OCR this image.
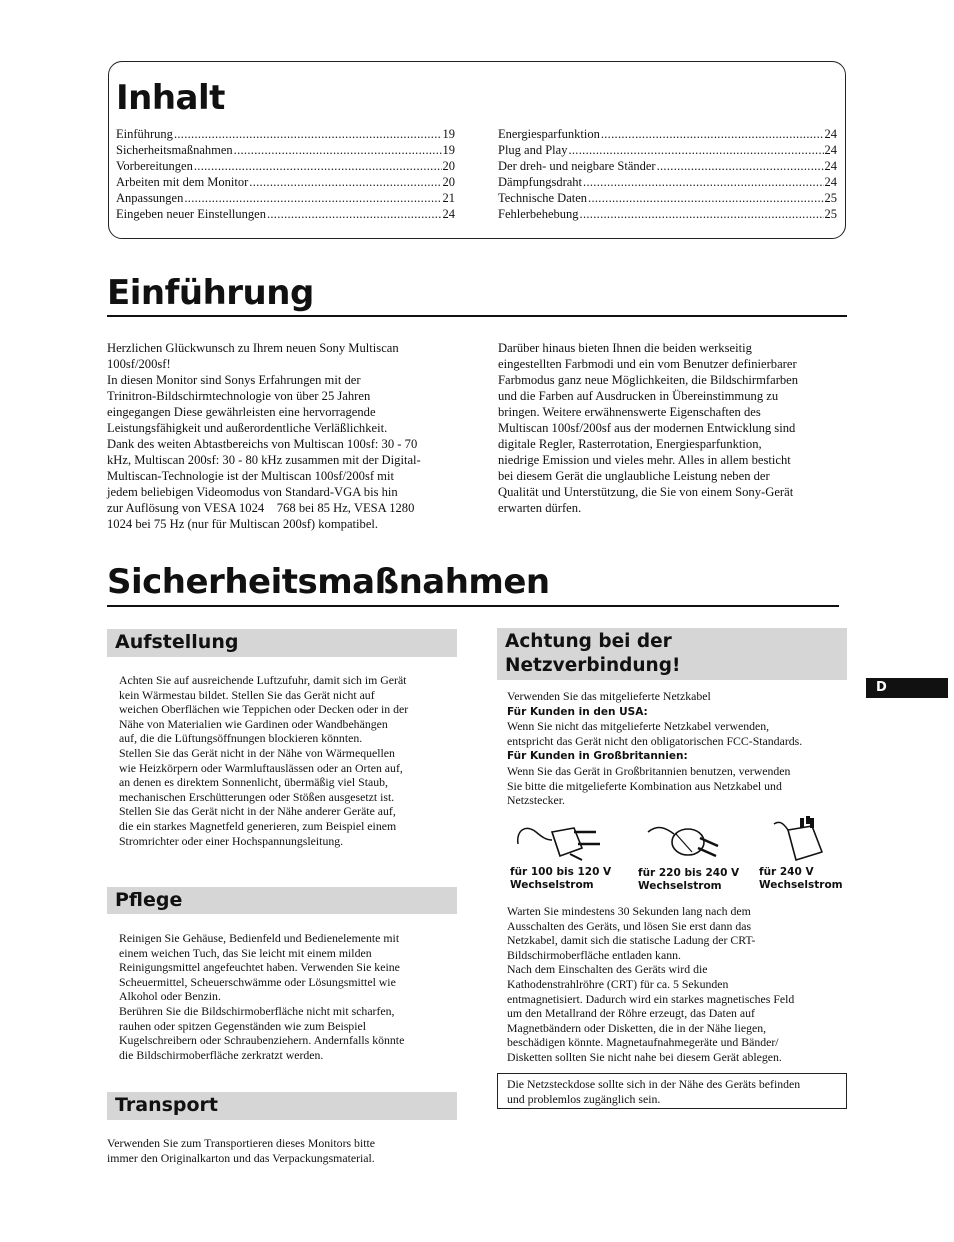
Inhalt
Einführung .....	19
Sicherheitsmaßnahmen .....	19
Vorbereitungen .....	20
Arbeiten mit dem Monitor .....	20
Anpassungen .....	21
Eingeben neuer Einstellungen .....	24
Energiesparfunktion .....	24
Plug and Play .....	24
Der dreh- und neigbare Ständer .....	24
Dämpfungsdraht .....	24
Technische Daten .....	25
Fehlerbehebung .....	25
Einführung

Herzlichen Glückwunsch zu Ihrem neuen Sony Multiscan

100sf/200sf!

In diesen Monitor sind Sonys Erfahrungen mit der

Trinitron-Bildschirmtechnologie von über 25 Jahren

eingegangen Diese gewährleisten eine hervorragende

Leistungsfähigkeit und außerordentliche Verläßlichkeit.

Dank des weiten Abtastbereichs von Multiscan 100sf: 30 - 70

kHz, Multiscan 200sf: 30 - 80 kHz zusammen mit der Digital-

Multiscan-Technologie ist der Multiscan 100sf/200sf mit

jedem beliebigen Videomodus von Standard-VGA bis hin

zur Auflösung von VESA 1024    768 bei 85 Hz, VESA 1280

1024 bei 75 Hz (nur für Multiscan 200sf) kompatibel.

Darüber hinaus bieten Ihnen die beiden werkseitig

eingestellten Farbmodi und ein vom Benutzer definierbarer

Farbmodus ganz neue Möglichkeiten, die Bildschirmfarben

und die Farben auf Ausdrucken in Übereinstimmung zu

bringen. Weitere erwähnenswerte Eigenschaften des

Multiscan 100sf/200sf aus der modernen Entwicklung sind

digitale Regler, Rasterrotation, Energiesparfunktion,

niedrige Emission und vieles mehr. Alles in allem besticht

bei diesem Gerät die unglaubliche Leistung neben der

Qualität und Unterstützung, die Sie von einem Sony-Gerät

erwarten dürfen.

Sicherheitsmaßnahmen
Aufstellung

Achten Sie auf ausreichende Luftzufuhr, damit sich im Gerät

kein Wärmestau bildet. Stellen Sie das Gerät nicht auf

weichen Oberflächen wie Teppichen oder Decken oder in der

Nähe von Materialien wie Gardinen oder Wandbehängen

auf, die die Lüftungsöffnungen blockieren könnten.

Stellen Sie das Gerät nicht in der Nähe von Wärmequellen

wie Heizkörpern oder Warmluftauslässen oder an Orten auf,

an denen es direktem Sonnenlicht, übermäßig viel Staub,

mechanischen Erschütterungen oder Stößen ausgesetzt ist.

Stellen Sie das Gerät nicht in der Nähe anderer Geräte auf,

die ein starkes Magnetfeld generieren, zum Beispiel einem

Stromrichter oder einer Hochspannungsleitung.

Pflege

Reinigen Sie Gehäuse, Bedienfeld und Bedienelemente mit

einem weichen Tuch, das Sie leicht mit einem milden

Reinigungsmittel angefeuchtet haben. Verwenden Sie keine

Scheuermittel, Scheuerschwämme oder Lösungsmittel wie

Alkohol oder Benzin.

Berühren Sie die Bildschirmoberfläche nicht mit scharfen,

rauhen oder spitzen Gegenständen wie zum Beispiel

Kugelschreibern oder Schraubenziehern. Andernfalls könnte

die Bildschirmoberfläche zerkratzt werden.

Transport

Verwenden Sie zum Transportieren dieses Monitors bitte

immer den Originalkarton und das Verpackungsmaterial.

Achtung bei der
Netzverbindung!

Verwenden Sie das mitgelieferte Netzkabel

Für Kunden in den USA:

Wenn Sie nicht das mitgelieferte Netzkabel verwenden,

entspricht das Gerät nicht den obligatorischen FCC-Standards.

Für Kunden in Großbritannien:

Wenn Sie das Gerät in Großbritannien benutzen, verwenden

Sie bitte die mitgelieferte Kombination aus Netzkabel und

Netzstecker.

für 100 bis 120 V
Wechselstrom
für 220 bis 240 V
Wechselstrom
für 240 V
Wechselstrom

Warten Sie mindestens 30 Sekunden lang nach dem

Ausschalten des Geräts, und lösen Sie erst dann das

Netzkabel, damit sich die statische Ladung der CRT-

Bildschirmoberfläche entladen kann.

Nach dem Einschalten des Geräts wird die

Kathodenstrahlröhre (CRT) für ca. 5 Sekunden

entmagnetisiert. Dadurch wird ein starkes magnetisches Feld

um den Metallrand der Röhre erzeugt, das Daten auf

Magnetbändern oder Disketten, die in der Nähe liegen,

beschädigen könnte. Magnetaufnahmegeräte und Bänder/

Disketten sollten Sie nicht nahe bei diesem Gerät ablegen.

Die Netzsteckdose sollte sich in der Nähe des Geräts befinden

und problemlos zugänglich sein.

D
